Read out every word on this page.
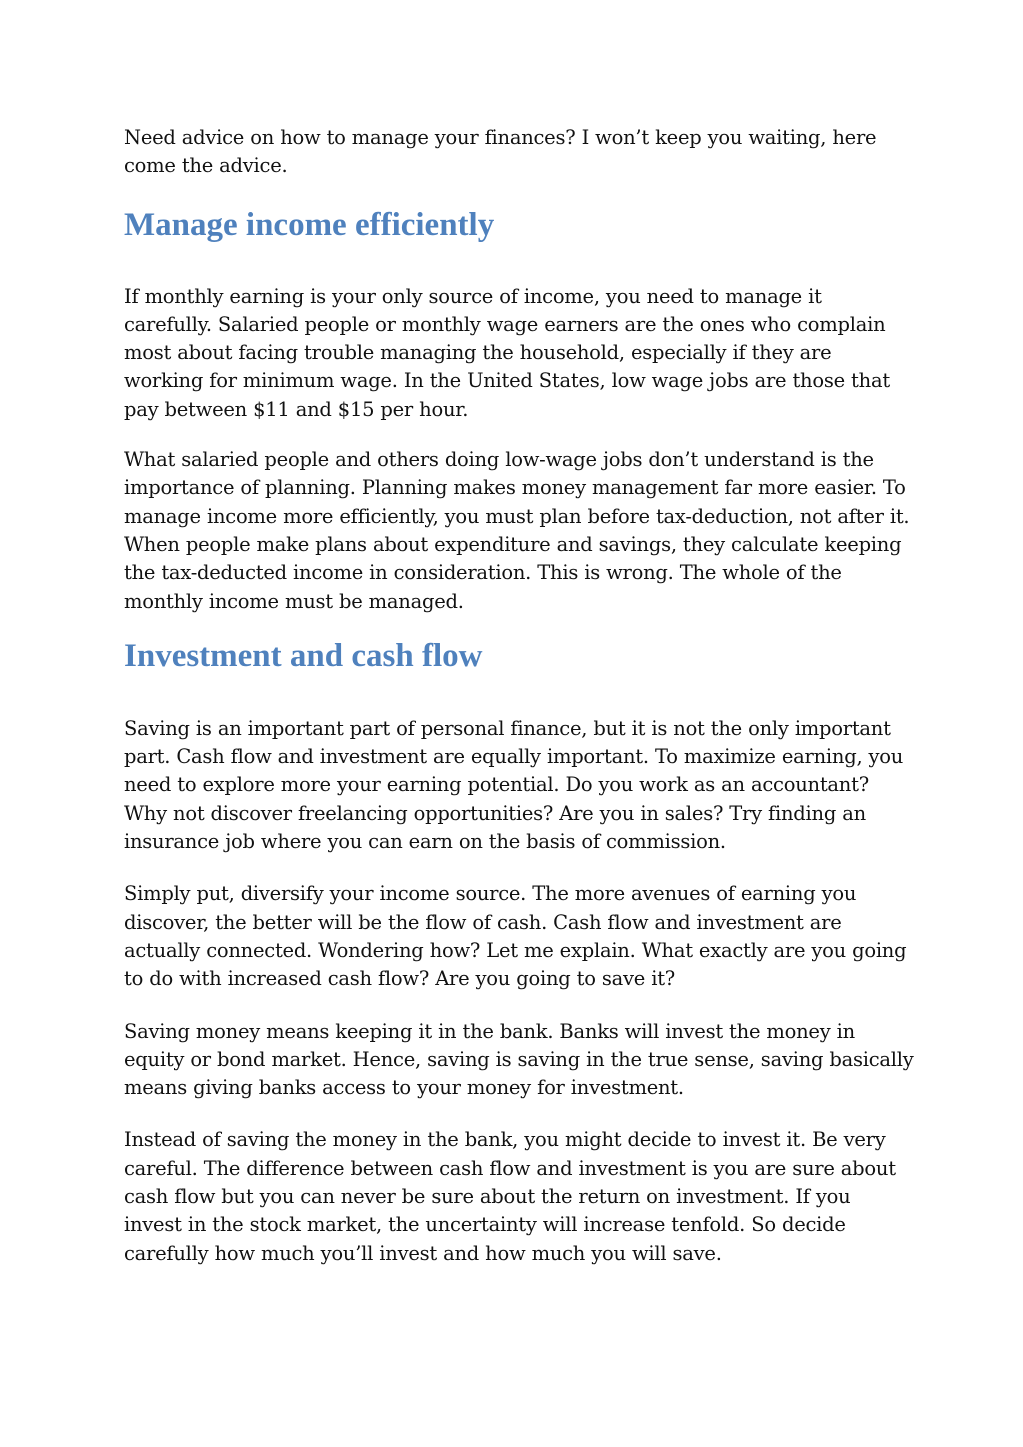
Need advice on how to manage your finances? I won’t keep you waiting, here come the advice.

Manage income efficiently

If monthly earning is your only source of income, you need to manage it carefully. Salaried people or monthly wage earners are the ones who complain most about facing trouble managing the household, especially if they are working for minimum wage. In the United States, low wage jobs are those that pay between $11 and $15 per hour.

What salaried people and others doing low-wage jobs don’t understand is the importance of planning. Planning makes money management far more easier. To manage income more efficiently, you must plan before tax-deduction, not after it. When people make plans about expenditure and savings, they calculate keeping the tax-deducted income in consideration. This is wrong. The whole of the monthly income must be managed.

Investment and cash flow

Saving is an important part of personal finance, but it is not the only important part. Cash flow and investment are equally important. To maximize earning, you need to explore more your earning potential. Do you work as an accountant? Why not discover freelancing opportunities? Are you in sales? Try finding an insurance job where you can earn on the basis of commission.

Simply put, diversify your income source. The more avenues of earning you discover, the better will be the flow of cash. Cash flow and investment are actually connected. Wondering how? Let me explain. What exactly are you going to do with increased cash flow? Are you going to save it?

Saving money means keeping it in the bank. Banks will invest the money in equity or bond market. Hence, saving is saving in the true sense, saving basically means giving banks access to your money for investment.

Instead of saving the money in the bank, you might decide to invest it. Be very careful. The difference between cash flow and investment is you are sure about cash flow but you can never be sure about the return on investment. If you invest in the stock market, the uncertainty will increase tenfold. So decide carefully how much you’ll invest and how much you will save.
